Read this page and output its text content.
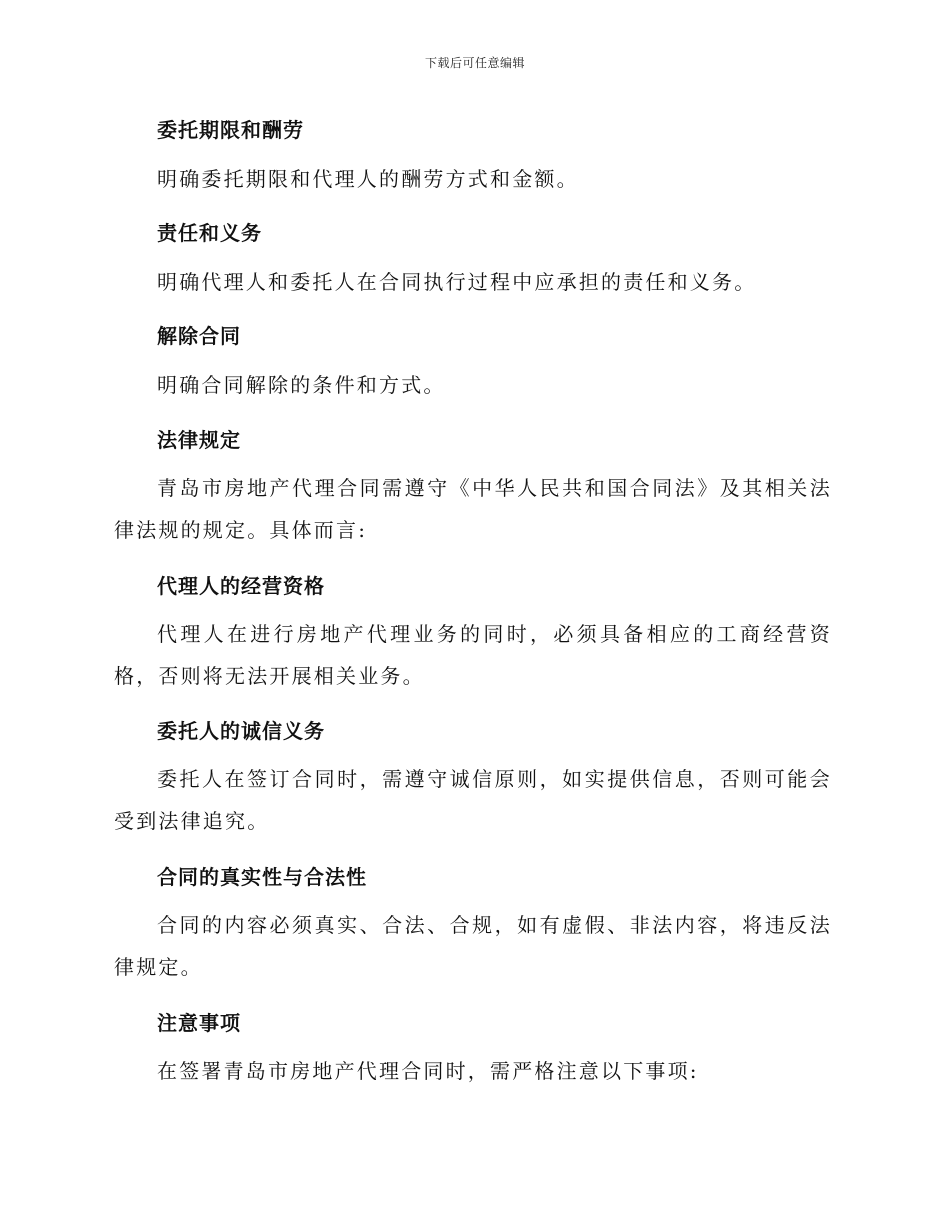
下载后可任意编辑
委托期限和酬劳
明确委托期限和代理人的酬劳方式和金额。
责任和义务
明确代理人和委托人在合同执行过程中应承担的责任和义务。
解除合同
明确合同解除的条件和方式。
法律规定
青岛市房地产代理合同需遵守《中华人民共和国合同法》及其相关法律法规的规定。具体而言:
代理人的经营资格
代理人在进行房地产代理业务的同时，必须具备相应的工商经营资格，否则将无法开展相关业务。
委托人的诚信义务
委托人在签订合同时，需遵守诚信原则，如实提供信息，否则可能会受到法律追究。
合同的真实性与合法性
合同的内容必须真实、合法、合规，如有虚假、非法内容，将违反法律规定。
注意事项
在签署青岛市房地产代理合同时，需严格注意以下事项:
